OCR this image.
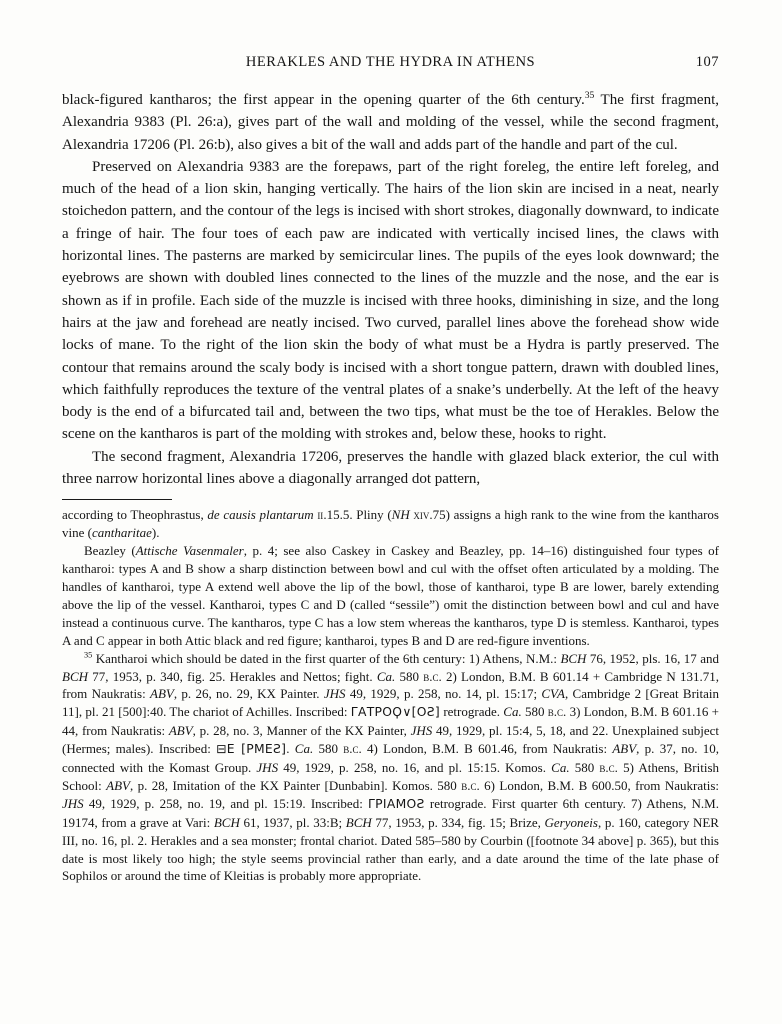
HERAKLES AND THE HYDRA IN ATHENS	107

black-figured kantharos; the first appear in the opening quarter of the 6th century.$^{35}$ The first fragment, Alexandria 9383 (Pl. 26:a), gives part of the wall and molding of the vessel, while the second fragment, Alexandria 17206 (Pl. 26:b), also gives a bit of the wall and adds part of the handle and part of the cul.

Preserved on Alexandria 9383 are the forepaws, part of the right foreleg, the entire left foreleg, and much of the head of a lion skin, hanging vertically. The hairs of the lion skin are incised in a neat, nearly stoichedon pattern, and the contour of the legs is incised with short strokes, diagonally downward, to indicate a fringe of hair. The four toes of each paw are indicated with vertically incised lines, the claws with horizontal lines. The pasterns are marked by semicircular lines. The pupils of the eyes look downward; the eyebrows are shown with doubled lines connected to the lines of the muzzle and the nose, and the ear is shown as if in profile. Each side of the muzzle is incised with three hooks, diminishing in size, and the long hairs at the jaw and forehead are neatly incised. Two curved, parallel lines above the forehead show wide locks of mane. To the right of the lion skin the body of what must be a Hydra is partly preserved. The contour that remains around the scaly body is incised with a short tongue pattern, drawn with doubled lines, which faithfully reproduces the texture of the ventral plates of a snake’s underbelly. At the left of the heavy body is the end of a bifurcated tail and, between the two tips, what must be the toe of Herakles. Below the scene on the kantharos is part of the molding with strokes and, below these, hooks to right.

The second fragment, Alexandria 17206, preserves the handle with glazed black exterior, the cul with three narrow horizontal lines above a diagonally arranged dot pattern,

according to Theophrastus, de causis plantarum ii.15.5. Pliny (NH xiv.75) assigns a high rank to the wine from the kantharos vine (cantharitae).

Beazley (Attische Vasenmaler, p. 4; see also Caskey in Caskey and Beazley, pp. 14–16) distinguished four types of kantharoi: types A and B show a sharp distinction between bowl and cul with the offset often articulated by a molding. The handles of kantharoi, type A extend well above the lip of the bowl, those of kantharoi, type B are lower, barely extending above the lip of the vessel. Kantharoi, types C and D (called “sessile”) omit the distinction between bowl and cul and have instead a continuous curve. The kantharos, type C has a low stem whereas the kantharos, type D is stemless. Kantharoi, types A and C appear in both Attic black and red figure; kantharoi, types B and D are red-figure inventions.

$^{35}$ Kantharoi which should be dated in the first quarter of the 6th century: 1) Athens, N.M.: BCH 76, 1952, pls. 16, 17 and BCH 77, 1953, p. 340, fig. 25. Herakles and Nettos; fight. Ca. 580 b.c. 2) London, B.M. B 601.14 + Cambridge N 131.71, from Naukratis: ABV, p. 26, no. 29, KX Painter. JHS 49, 1929, p. 258, no. 14, pl. 15:17; CVA, Cambridge 2 [Great Britain 11], pl. 21 [500]:40. The chariot of Achilles. Inscribed: ΓΑΤΡΟϘ∨[ΟƧ] retrograde. Ca. 580 b.c. 3) London, B.M. B 601.16 + 44, from Naukratis: ABV, p. 28, no. 3, Manner of the KX Painter, JHS 49, 1929, pl. 15:4, 5, 18, and 22. Unexplained subject (Hermes; males). Inscribed: ⊟Ε [ΡΜΕƧ]. Ca. 580 b.c. 4) London, B.M. B 601.46, from Naukratis: ABV, p. 37, no. 10, connected with the Komast Group. JHS 49, 1929, p. 258, no. 16, and pl. 15:15. Komos. Ca. 580 b.c. 5) Athens, British School: ABV, p. 28, Imitation of the KX Painter [Dunbabin]. Komos. 580 b.c. 6) London, B.M. B 600.50, from Naukratis: JHS 49, 1929, p. 258, no. 19, and pl. 15:19. Inscribed: ΓΡΙΑΜΟƧ retrograde. First quarter 6th century. 7) Athens, N.M. 19174, from a grave at Vari: BCH 61, 1937, pl. 33:B; BCH 77, 1953, p. 334, fig. 15; Brize, Geryoneis, p. 160, category NER III, no. 16, pl. 2. Herakles and a sea monster; frontal chariot. Dated 585–580 by Courbin ([footnote 34 above] p. 365), but this date is most likely too high; the style seems provincial rather than early, and a date around the time of the late phase of Sophilos or around the time of Kleitias is probably more appropriate.
